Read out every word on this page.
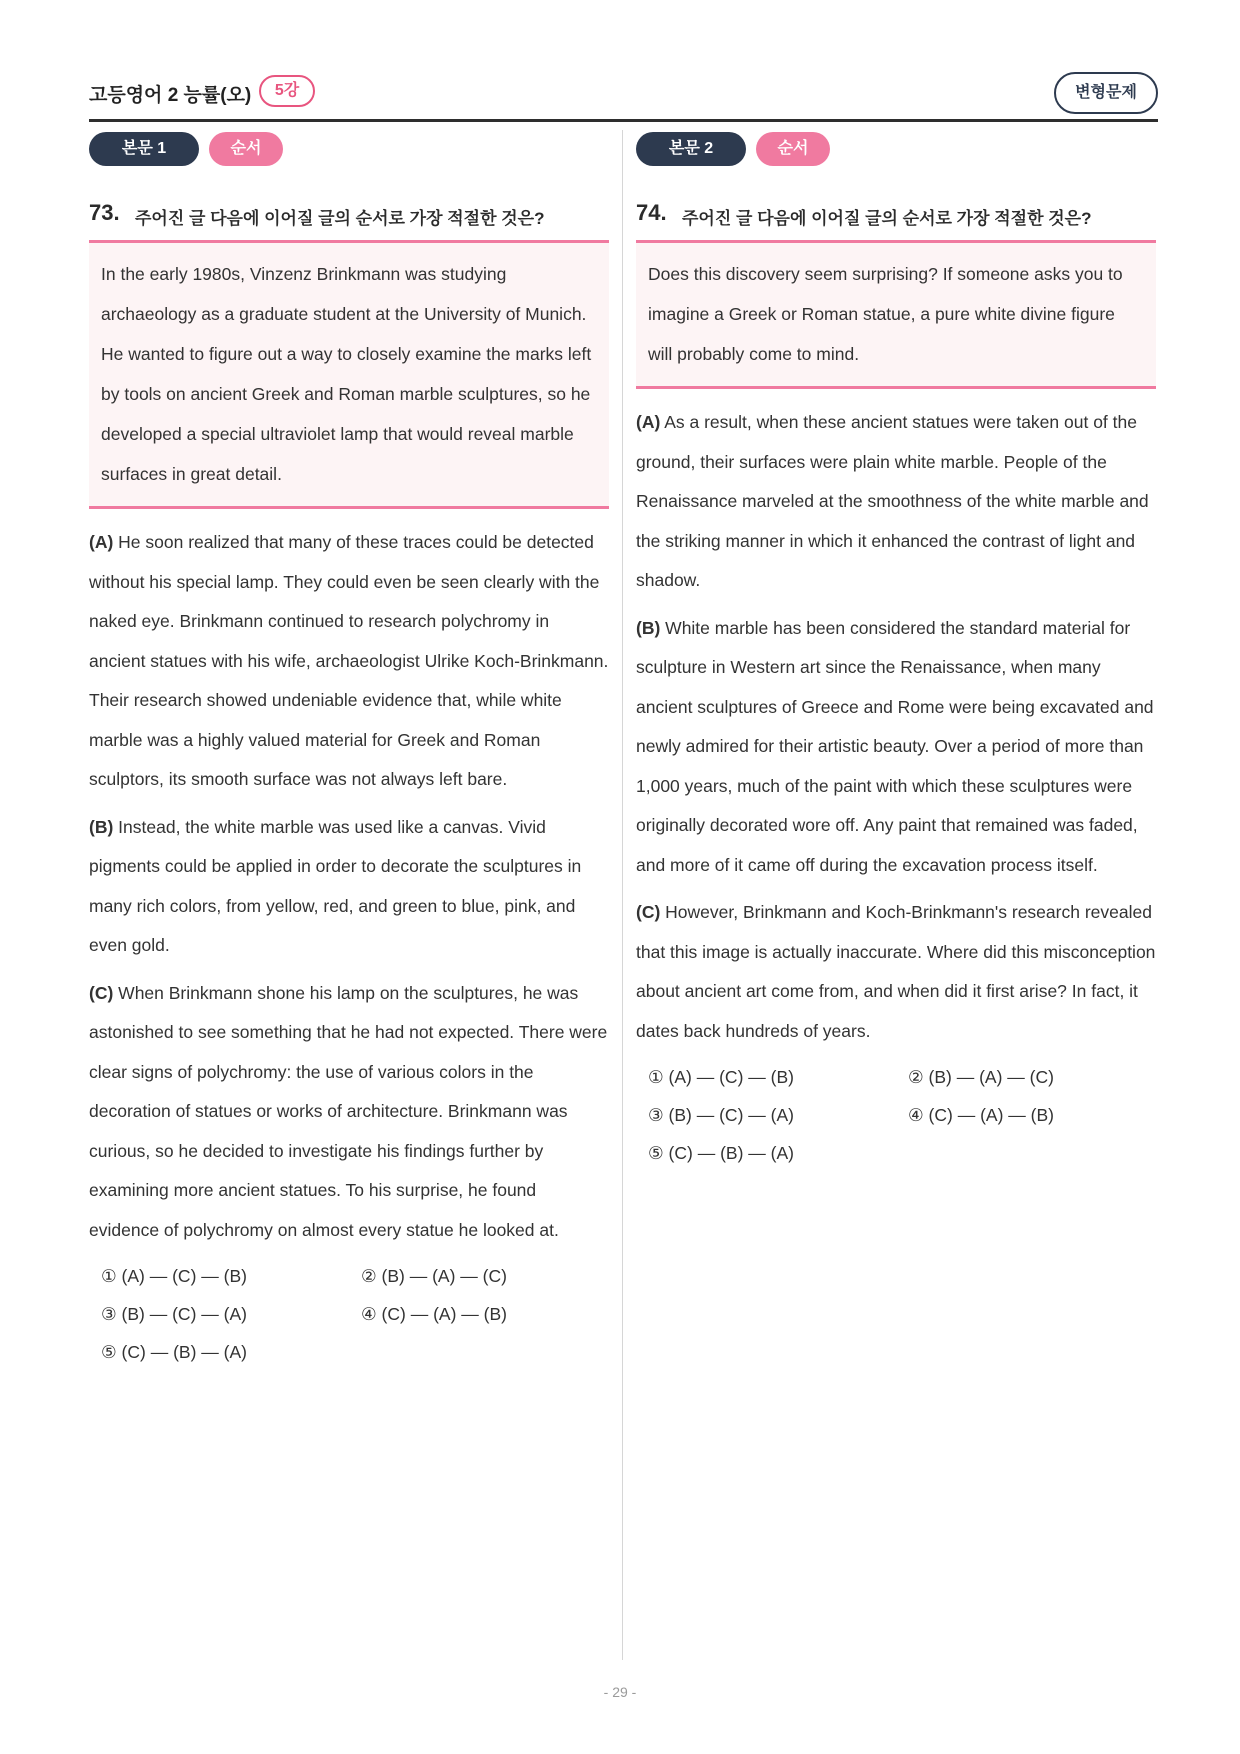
고등영어 2 능률(오)	5강	변형문제
본문 1	순서
73. 주어진 글 다음에 이어질 글의 순서로 가장 적절한 것은?
In the early 1980s, Vinzenz Brinkmann was studying archaeology as a graduate student at the University of Munich. He wanted to figure out a way to closely examine the marks left by tools on ancient Greek and Roman marble sculptures, so he developed a special ultraviolet lamp that would reveal marble surfaces in great detail.
(A) He soon realized that many of these traces could be detected without his special lamp. They could even be seen clearly with the naked eye. Brinkmann continued to research polychromy in ancient statues with his wife, archaeologist Ulrike Koch-Brinkmann. Their research showed undeniable evidence that, while white marble was a highly valued material for Greek and Roman sculptors, its smooth surface was not always left bare.
(B) Instead, the white marble was used like a canvas. Vivid pigments could be applied in order to decorate the sculptures in many rich colors, from yellow, red, and green to blue, pink, and even gold.
(C) When Brinkmann shone his lamp on the sculptures, he was astonished to see something that he had not expected. There were clear signs of polychromy: the use of various colors in the decoration of statues or works of architecture. Brinkmann was curious, so he decided to investigate his findings further by examining more ancient statues. To his surprise, he found evidence of polychromy on almost every statue he looked at.
① (A) — (C) — (B)	② (B) — (A) — (C)
③ (B) — (C) — (A)	④ (C) — (A) — (B)
⑤ (C) — (B) — (A)
본문 2	순서
74. 주어진 글 다음에 이어질 글의 순서로 가장 적절한 것은?
Does this discovery seem surprising? If someone asks you to imagine a Greek or Roman statue, a pure white divine figure will probably come to mind.
(A) As a result, when these ancient statues were taken out of the ground, their surfaces were plain white marble. People of the Renaissance marveled at the smoothness of the white marble and the striking manner in which it enhanced the contrast of light and shadow.
(B) White marble has been considered the standard material for sculpture in Western art since the Renaissance, when many ancient sculptures of Greece and Rome were being excavated and newly admired for their artistic beauty. Over a period of more than 1,000 years, much of the paint with which these sculptures were originally decorated wore off. Any paint that remained was faded, and more of it came off during the excavation process itself.
(C) However, Brinkmann and Koch-Brinkmann's research revealed that this image is actually inaccurate. Where did this misconception about ancient art come from, and when did it first arise? In fact, it dates back hundreds of years.
① (A) — (C) — (B)	② (B) — (A) — (C)
③ (B) — (C) — (A)	④ (C) — (A) — (B)
⑤ (C) — (B) — (A)
- 29 -
